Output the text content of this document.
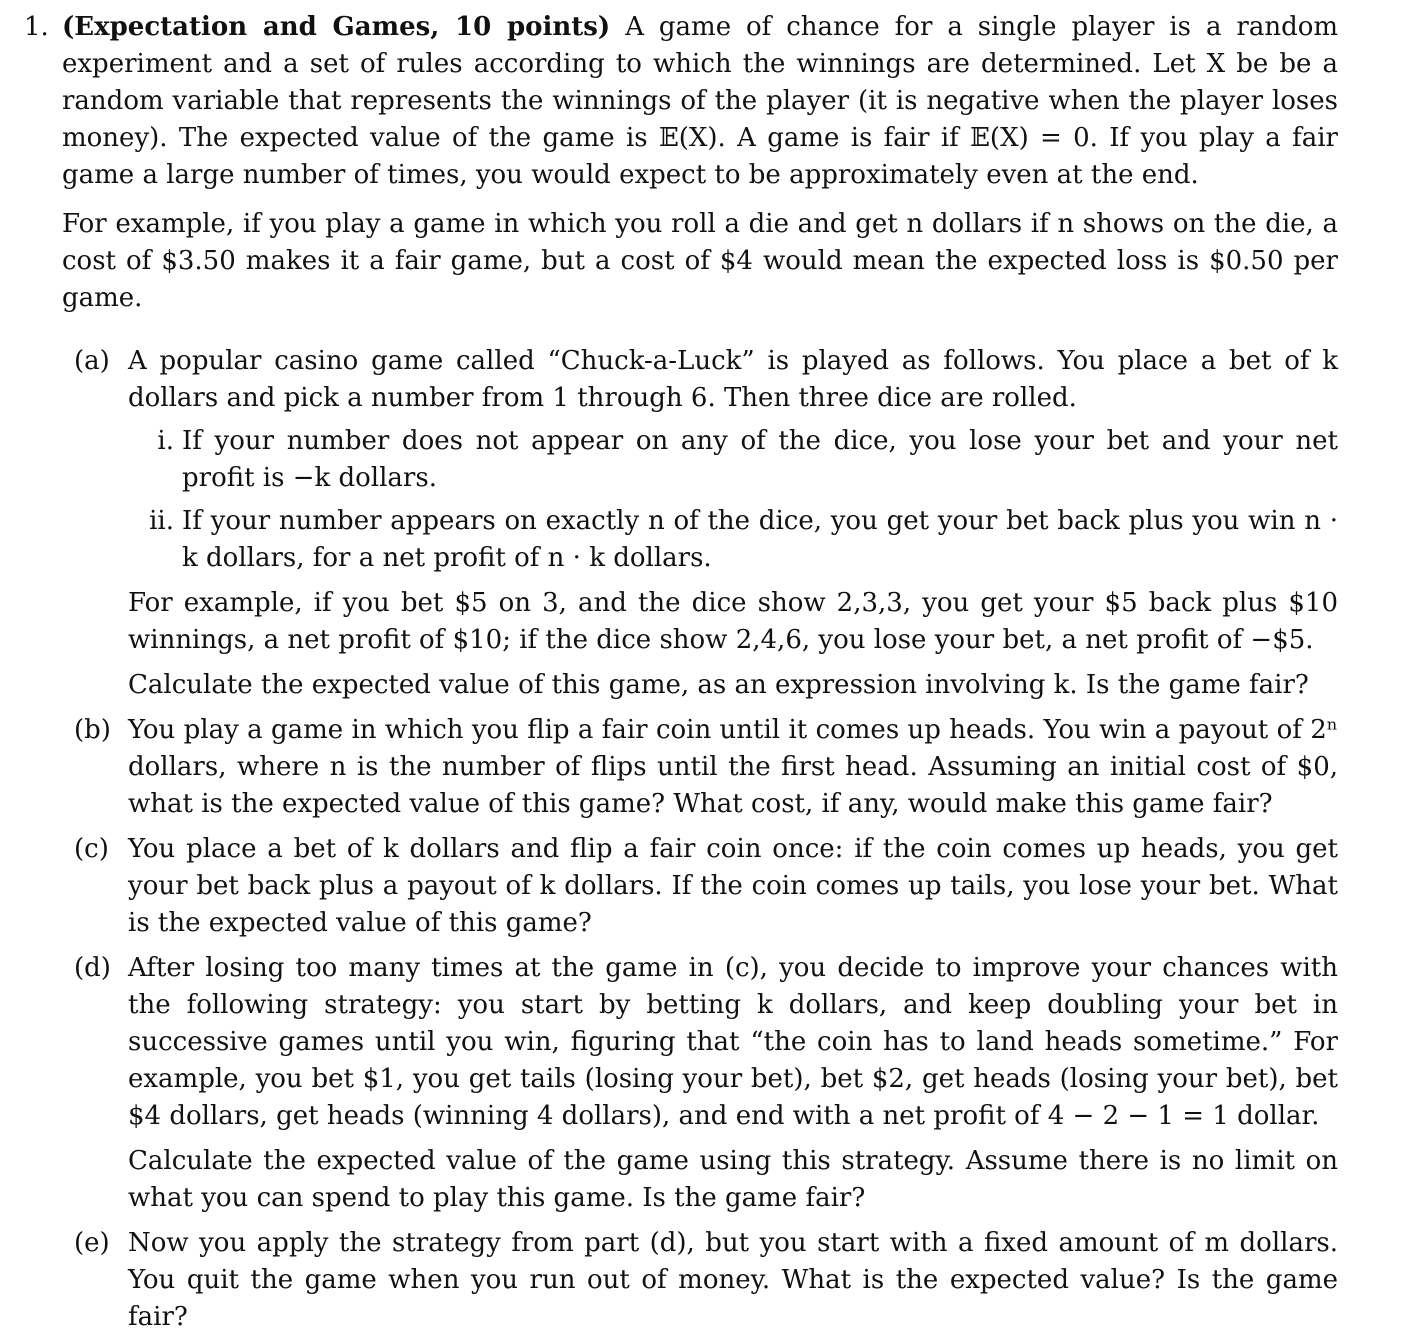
1. (Expectation and Games, 10 points) A game of chance for a single player is a random experiment and a set of rules according to which the winnings are determined. Let X be be a random variable that represents the winnings of the player (it is negative when the player loses money). The expected value of the game is 𝔼(X). A game is fair if 𝔼(X) = 0. If you play a fair game a large number of times, you would expect to be approximately even at the end.

For example, if you play a game in which you roll a die and get n dollars if n shows on the die, a cost of $3.50 makes it a fair game, but a cost of $4 would mean the expected loss is $0.50 per game.

(a) A popular casino game called “Chuck-a-Luck” is played as follows. You place a bet of k dollars and pick a number from 1 through 6. Then three dice are rolled.

i. If your number does not appear on any of the dice, you lose your bet and your net profit is −k dollars.

ii. If your number appears on exactly n of the dice, you get your bet back plus you win n · k dollars, for a net profit of n · k dollars.

For example, if you bet $5 on 3, and the dice show 2,3,3, you get your $5 back plus $10 winnings, a net profit of $10; if the dice show 2,4,6, you lose your bet, a net profit of −$5.

Calculate the expected value of this game, as an expression involving k. Is the game fair?

(b) You play a game in which you flip a fair coin until it comes up heads. You win a payout of 2ⁿ dollars, where n is the number of flips until the first head. Assuming an initial cost of $0, what is the expected value of this game? What cost, if any, would make this game fair?

(c) You place a bet of k dollars and flip a fair coin once: if the coin comes up heads, you get your bet back plus a payout of k dollars. If the coin comes up tails, you lose your bet. What is the expected value of this game?

(d) After losing too many times at the game in (c), you decide to improve your chances with the following strategy: you start by betting k dollars, and keep doubling your bet in successive games until you win, figuring that “the coin has to land heads sometime.” For example, you bet $1, you get tails (losing your bet), bet $2, get heads (losing your bet), bet $4 dollars, get heads (winning 4 dollars), and end with a net profit of 4 − 2 − 1 = 1 dollar.

Calculate the expected value of the game using this strategy. Assume there is no limit on what you can spend to play this game. Is the game fair?

(e) Now you apply the strategy from part (d), but you start with a fixed amount of m dollars. You quit the game when you run out of money. What is the expected value? Is the game fair?
